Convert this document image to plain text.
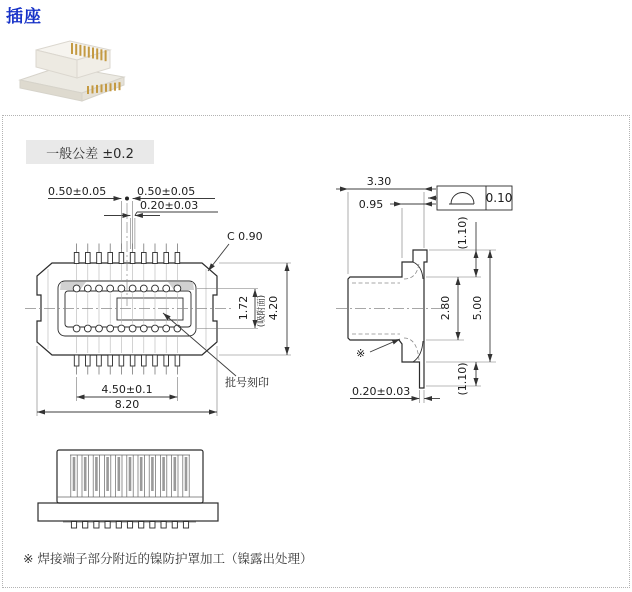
插座
一般公差 ±0.2
※ 焊接端子部分附近的镍防护罩加工（镍露出处理）
0.50±0.05	0.50±0.05
0.20±0.03
C 0.90
1.72 (吸附面) 4.20
批号刻印
4.50±0.1
8.20
3.30
0.95	0.10
(1.10)
2.80 5.00
(1.10)
※
0.20±0.03
